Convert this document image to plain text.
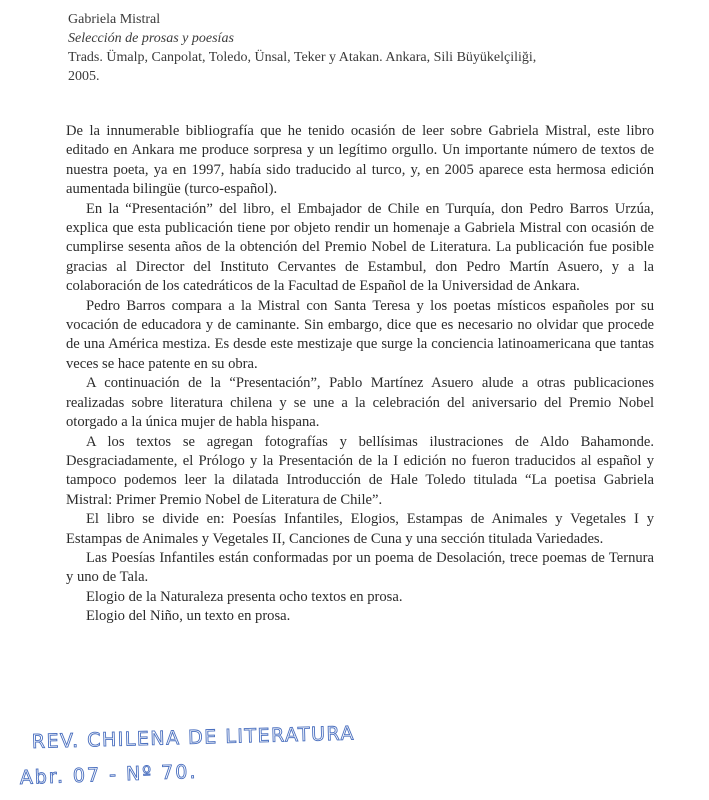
Gabriela Mistral
Selección de prosas y poesías
Trads. Ümalp, Canpolat, Toledo, Ünsal, Teker y Atakan. Ankara, Sili Büyükelçiliği,
2005.

De la innumerable bibliografía que he tenido ocasión de leer sobre Gabriela Mistral, este libro editado en Ankara me produce sorpresa y un legítimo orgullo. Un importante número de textos de nuestra poeta, ya en 1997, había sido traducido al turco, y, en 2005 aparece esta hermosa edición aumentada bilingüe (turco-español).

En la “Presentación” del libro, el Embajador de Chile en Turquía, don Pedro Barros Urzúa, explica que esta publicación tiene por objeto rendir un homenaje a Gabriela Mistral con ocasión de cumplirse sesenta años de la obtención del Premio Nobel de Literatura. La publicación fue posible gracias al Director del Instituto Cervantes de Estambul, don Pedro Martín Asuero, y a la colaboración de los catedráticos de la Facultad de Español de la Universidad de Ankara.

Pedro Barros compara a la Mistral con Santa Teresa y los poetas místicos españoles por su vocación de educadora y de caminante. Sin embargo, dice que es necesario no olvidar que procede de una América mestiza. Es desde este mestizaje que surge la conciencia latinoamericana que tantas veces se hace patente en su obra.

A continuación de la “Presentación”, Pablo Martínez Asuero alude a otras publicaciones realizadas sobre literatura chilena y se une a la celebración del aniversario del Premio Nobel otorgado a la única mujer de habla hispana.

A los textos se agregan fotografías y bellísimas ilustraciones de Aldo Bahamonde. Desgraciadamente, el Prólogo y la Presentación de la I edición no fueron traducidos al español y tampoco podemos leer la dilatada Introducción de Hale Toledo titulada “La poetisa Gabriela Mistral: Primer Premio Nobel de Literatura de Chile”.

El libro se divide en: Poesías Infantiles, Elogios, Estampas de Animales y Vegetales I y Estampas de Animales y Vegetales II, Canciones de Cuna y una sección titulada Variedades.

Las Poesías Infantiles están conformadas por un poema de Desolación, trece poemas de Ternura y uno de Tala.

Elogio de la Naturaleza presenta ocho textos en prosa.

Elogio del Niño, un texto en prosa.

REV. CHILENA DE LITERATURA
Abr. 07 - Nº 70.
